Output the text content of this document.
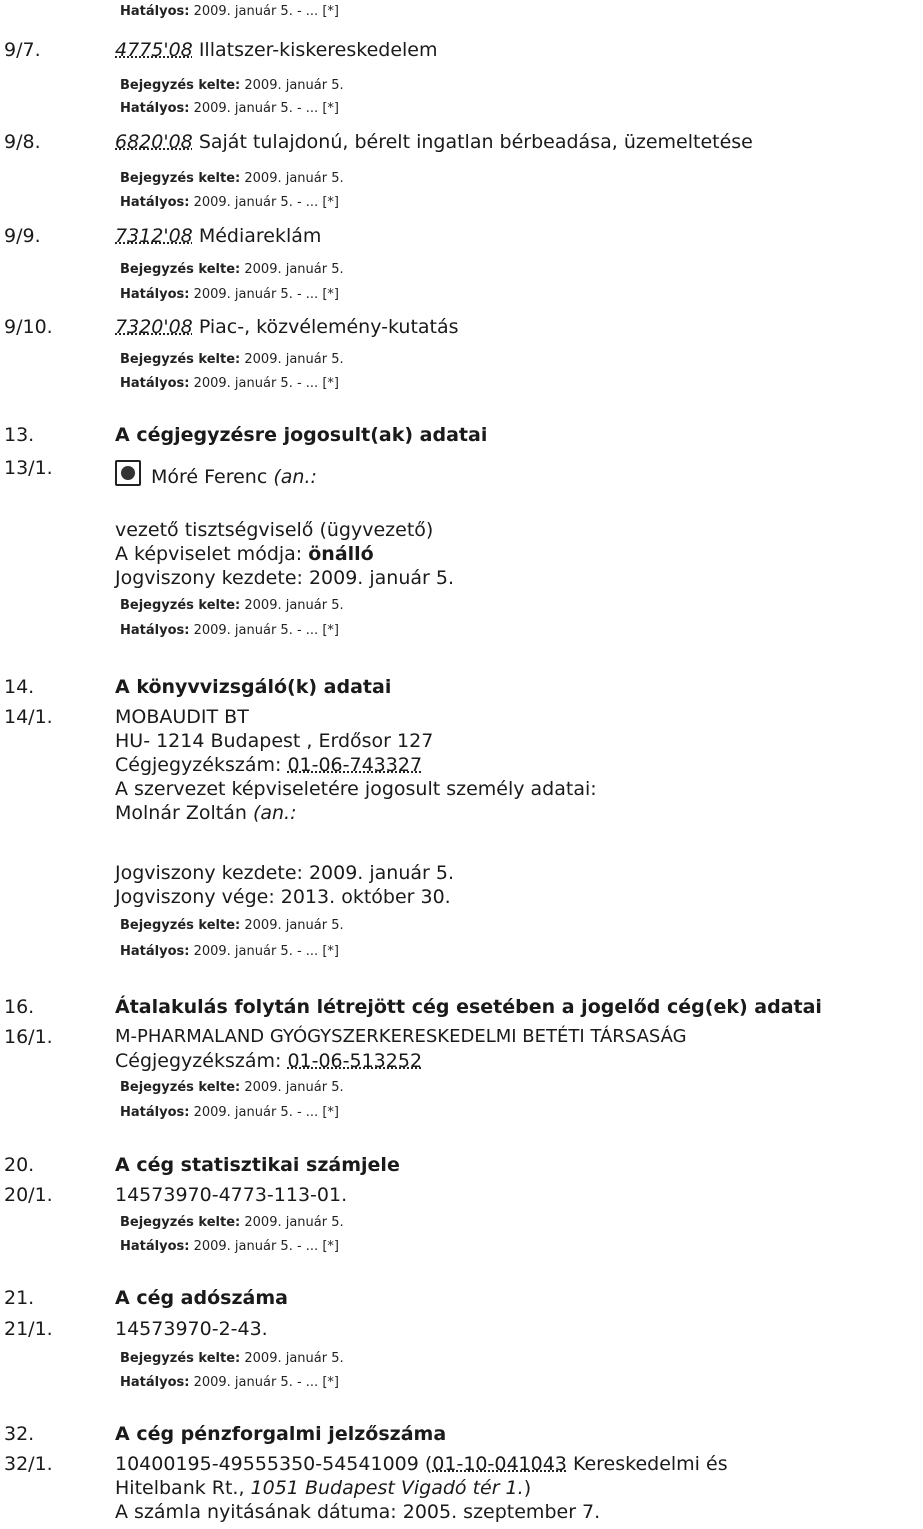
Hatályos: 2009. január 5. - ... [*]
9/7.	4775'08 Illatszer-kiskereskedelem
Bejegyzés kelte: 2009. január 5.
Hatályos: 2009. január 5. - ... [*]
9/8.	6820'08 Saját tulajdonú, bérelt ingatlan bérbeadása, üzemeltetése
Bejegyzés kelte: 2009. január 5.
Hatályos: 2009. január 5. - ... [*]
9/9.	7312'08 Médiareklám
Bejegyzés kelte: 2009. január 5.
Hatályos: 2009. január 5. - ... [*]
9/10.	7320'08 Piac-, közvélemény-kutatás
Bejegyzés kelte: 2009. január 5.
Hatályos: 2009. január 5. - ... [*]
13.	A cégjegyzésre jogosult(ak) adatai
13/1.	Móré Ferenc (an.:
vezető tisztségviselő (ügyvezető)
A képviselet módja: önálló
Jogviszony kezdete: 2009. január 5.
Bejegyzés kelte: 2009. január 5.
Hatályos: 2009. január 5. - ... [*]
14.	A könyvvizsgáló(k) adatai
14/1.	MOBAUDIT BT
HU- 1214 Budapest , Erdősor 127
Cégjegyzékszám: 01-06-743327
A szervezet képviseletére jogosult személy adatai:
Molnár Zoltán (an.:
Jogviszony kezdete: 2009. január 5.
Jogviszony vége: 2013. október 30.
Bejegyzés kelte: 2009. január 5.
Hatályos: 2009. január 5. - ... [*]
16.	Átalakulás folytán létrejött cég esetében a jogelőd cég(ek) adatai
16/1.	M-PHARMALAND GYÓGYSZERKERESKEDELMI BETÉTI TÁRSASÁG
Cégjegyzékszám: 01-06-513252
Bejegyzés kelte: 2009. január 5.
Hatályos: 2009. január 5. - ... [*]
20.	A cég statisztikai számjele
20/1.	14573970-4773-113-01.
Bejegyzés kelte: 2009. január 5.
Hatályos: 2009. január 5. - ... [*]
21.	A cég adószáma
21/1.	14573970-2-43.
Bejegyzés kelte: 2009. január 5.
Hatályos: 2009. január 5. - ... [*]
32.	A cég pénzforgalmi jelzőszáma
32/1.	10400195-49555350-54541009 (01-10-041043 Kereskedelmi és
Hitelbank Rt., 1051 Budapest Vigadó tér 1.)
A számla nyitásának dátuma: 2005. szeptember 7.
